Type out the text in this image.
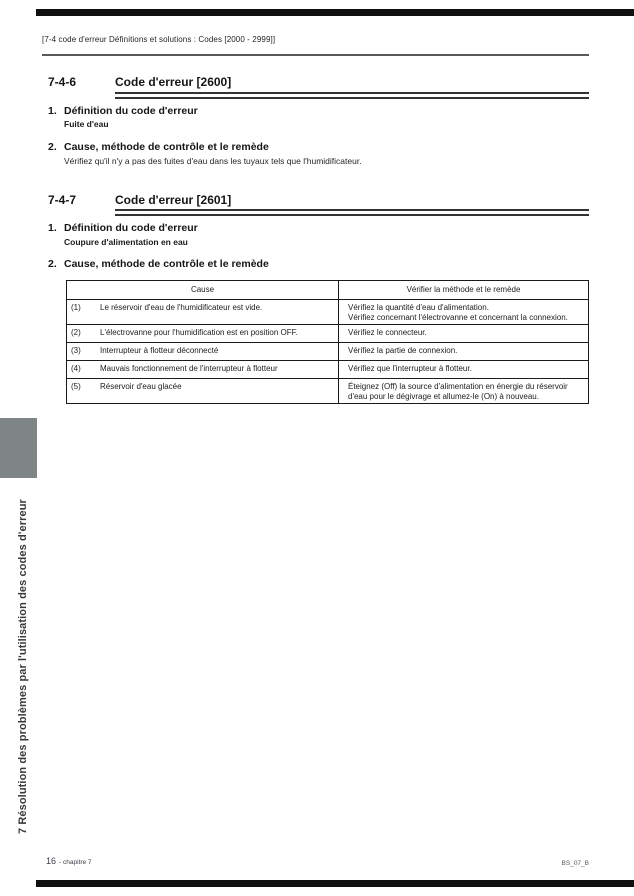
[7-4 code d'erreur Définitions et solutions : Codes [2000 - 2999]]
7-4-6	Code d'erreur [2600]
1. Définition du code d'erreur
Fuite d'eau
2. Cause, méthode de contrôle et le remède
Vérifiez qu'il n'y a pas des fuites d'eau dans les tuyaux tels que l'humidificateur.
7-4-7	Code d'erreur [2601]
1. Définition du code d'erreur
Coupure d'alimentation en eau
2. Cause, méthode de contrôle et le remède
Cause	Vérifier la méthode et le remède
(1) Le réservoir d'eau de l'humidificateur est vide.	Vérifiez la quantité d'eau d'alimentation.
Vérifiez concernant l'électrovanne et concernant la connexion.

(2) L'électrovanne pour l'humidification est en position OFF.	Vérifiez le connecteur.

(3) Interrupteur à flotteur déconnecté	Vérifiez la partie de connexion.

(4) Mauvais fonctionnement de l'interrupteur à flotteur	Vérifiez que l'interrupteur à flotteur.

(5) Réservoir d'eau glacée	Éteignez (Off) la source d'alimentation en énergie du réservoir
d'eau pour le dégivrage et allumez-le (On) à nouveau.
7 Résolution des problèmes par l'utilisation des codes d'erreur
16 - chapitre 7	BS_07_B
